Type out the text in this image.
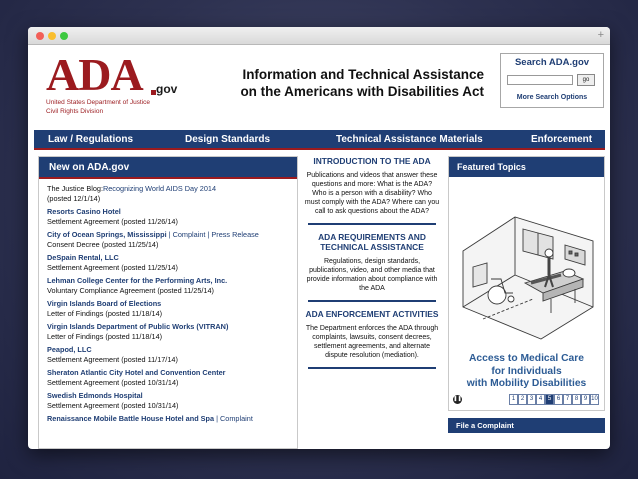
+
ADA	gov
United States Department of Justice
Civil Rights Division
Information and Technical Assistance
on the Americans with Disabilities Act
Search ADA.gov
go
More Search Options
Law / Regulations	Design Standards	Technical Assistance Materials	Enforcement
New on ADA.gov
The Justice Blog:Recognizing World AIDS Day 2014
(posted 12/1/14)
Resorts Casino Hotel
Settlement Agreement (posted 11/26/14)
City of Ocean Springs, Mississippi | Complaint | Press Release
Consent Decree (posted 11/25/14)
DeSpain Rental, LLC
Settlement Agreement (posted 11/25/14)
Lehman College Center for the Performing Arts, Inc.
Voluntary Compliance Agreement (posted 11/25/14)
Virgin Islands Board of Elections
Letter of Findings (posted 11/18/14)
Virgin Islands Department of Public Works (VITRAN)
Letter of Findings (posted 11/18/14)
Peapod, LLC
Settlement Agreement (posted 11/17/14)
Sheraton Atlantic City Hotel and Convention Center
Settlement Agreement (posted 10/31/14)
Swedish Edmonds Hospital
Settlement Agreement (posted 10/31/14)
Renaissance Mobile Battle House Hotel and Spa | Complaint
INTRODUCTION TO THE ADA
Publications and videos that answer these questions and more: What is the ADA? Who is a person with a disability? Who must comply with the ADA? Where can you call to ask questions about the ADA?
ADA REQUIREMENTS AND TECHNICAL ASSISTANCE
Regulations, design standards, publications, video, and other media that provide information about compliance with the ADA
ADA ENFORCEMENT ACTIVITIES
The Department enforces the ADA through complaints, lawsuits, consent decrees, settlement agreements, and alternate dispute resolution (mediation).
Featured Topics
Access to Medical Care
for Individuals
with Mobility Disabilities
❚❚	1 2 3 4 5 6 7 8 9 10
File a Complaint
